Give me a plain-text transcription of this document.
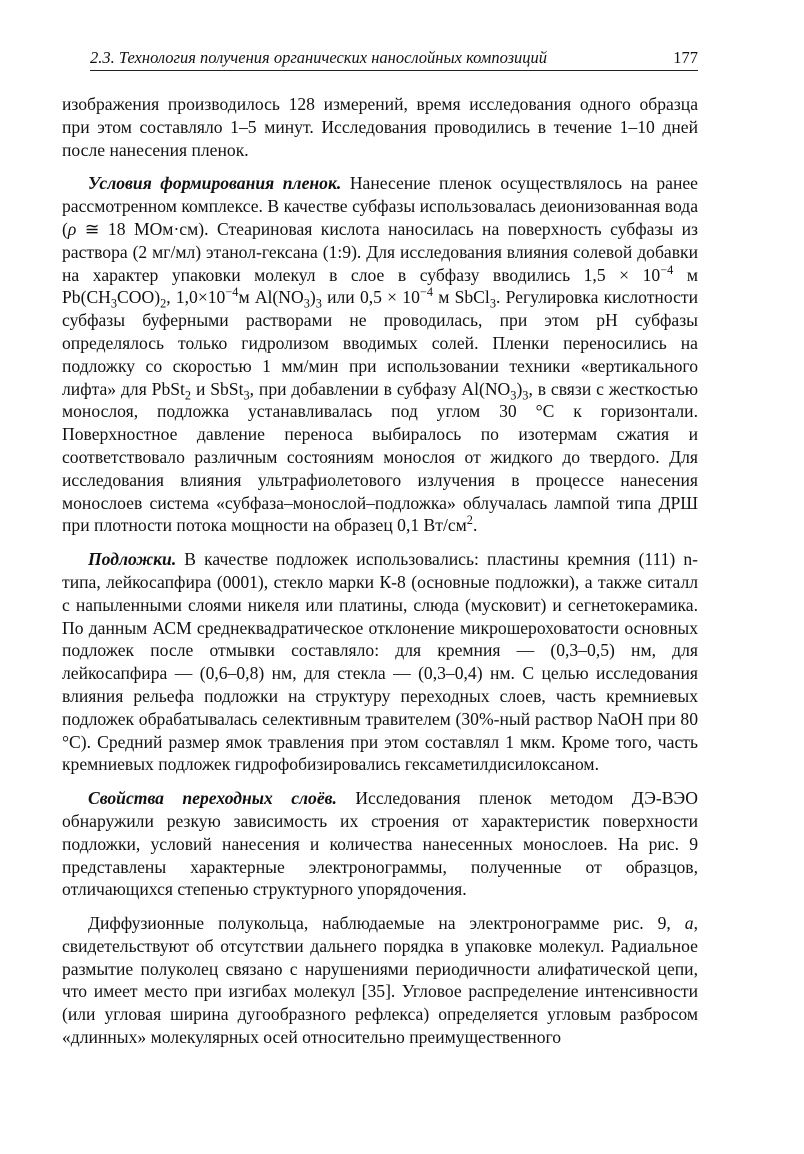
2.3. Технология получения органических нанослойных композиций	177

изображения производилось 128 измерений, время исследования одного образца при этом составляло 1–5 минут. Исследования проводились в течение 1–10 дней после нанесения пленок.

Условия формирования пленок. Нанесение пленок осуществлялось на ранее рассмотренном комплексе. В качестве субфазы использовалась деионизованная вода (ρ ≅ 18 МОм·см). Стеариновая кислота наносилась на поверхность субфазы из раствора (2 мг/мл) этанол-гексана (1:9). Для исследования влияния солевой добавки на характер упаковки молекул в слое в субфазу вводились $1,5 \times 10^{-4}$ м $Pb(CH_3COO)_2$, $1,0\times 10^{-4}м$ $Al(NO_3)_3$ или $0,5 \times 10^{-4}$ м SbCl$_3$. Регулировка кислотности субфазы буферными растворами не проводилась, при этом pH субфазы определялось только гидролизом вводимых солей. Пленки переносились на подложку со скоростью 1 мм/мин при использовании техники «вертикального лифта» для PbSt$_2$ и SbSt$_3$, при добавлении в субфазу $Al(NO_3)_3$, в связи с жесткостью монослоя, подложка устанавливалась под углом 30 °C к горизонтали. Поверхностное давление переноса выбиралось по изотермам сжатия и соответствовало различным состояниям монослоя от жидкого до твердого. Для исследования влияния ультрафиолетового излучения в процессе нанесения монослоев система «субфаза–монослой–подложка» облучалась лампой типа ДРШ при плотности потока мощности на образец 0,1 $Вт/см^2$.

Подложки. В качестве подложек использовались: пластины кремния (111) n-типа, лейкосапфира (0001), стекло марки К-8 (основные подложки), а также ситалл с напыленными слоями никеля или платины, слюда (мусковит) и сегнетокерамика. По данным АСМ среднеквадратическое отклонение микрошероховатости основных подложек после отмывки составляло: для кремния — (0,3–0,5) нм, для лейкосапфира — (0,6–0,8) нм, для стекла — (0,3–0,4) нм. С целью исследования влияния рельефа подложки на структуру переходных слоев, часть кремниевых подложек обрабатывалась селективным травителем (30%-ный раствор NaOH при 80 °C). Средний размер ямок травления при этом составлял 1 мкм. Кроме того, часть кремниевых подложек гидрофобизировались гексаметилдисилоксаном.

Свойства переходных слоёв. Исследования пленок методом ДЭ-ВЭО обнаружили резкую зависимость их строения от характеристик поверхности подложки, условий нанесения и количества нанесенных монослоев. На рис. 9 представлены характерные электронограммы, полученные от образцов, отличающихся степенью структурного упорядочения.

Диффузионные полукольца, наблюдаемые на электронограмме рис. 9, а, свидетельствуют об отсутствии дальнего порядка в упаковке молекул. Радиальное размытие полуколец связано с нарушениями периодичности алифатической цепи, что имеет место при изгибах молекул [35]. Угловое распределение интенсивности (или угловая ширина дугообразного рефлекса) определяется угловым разбросом «длинных» молекулярных осей относительно преимущественного
